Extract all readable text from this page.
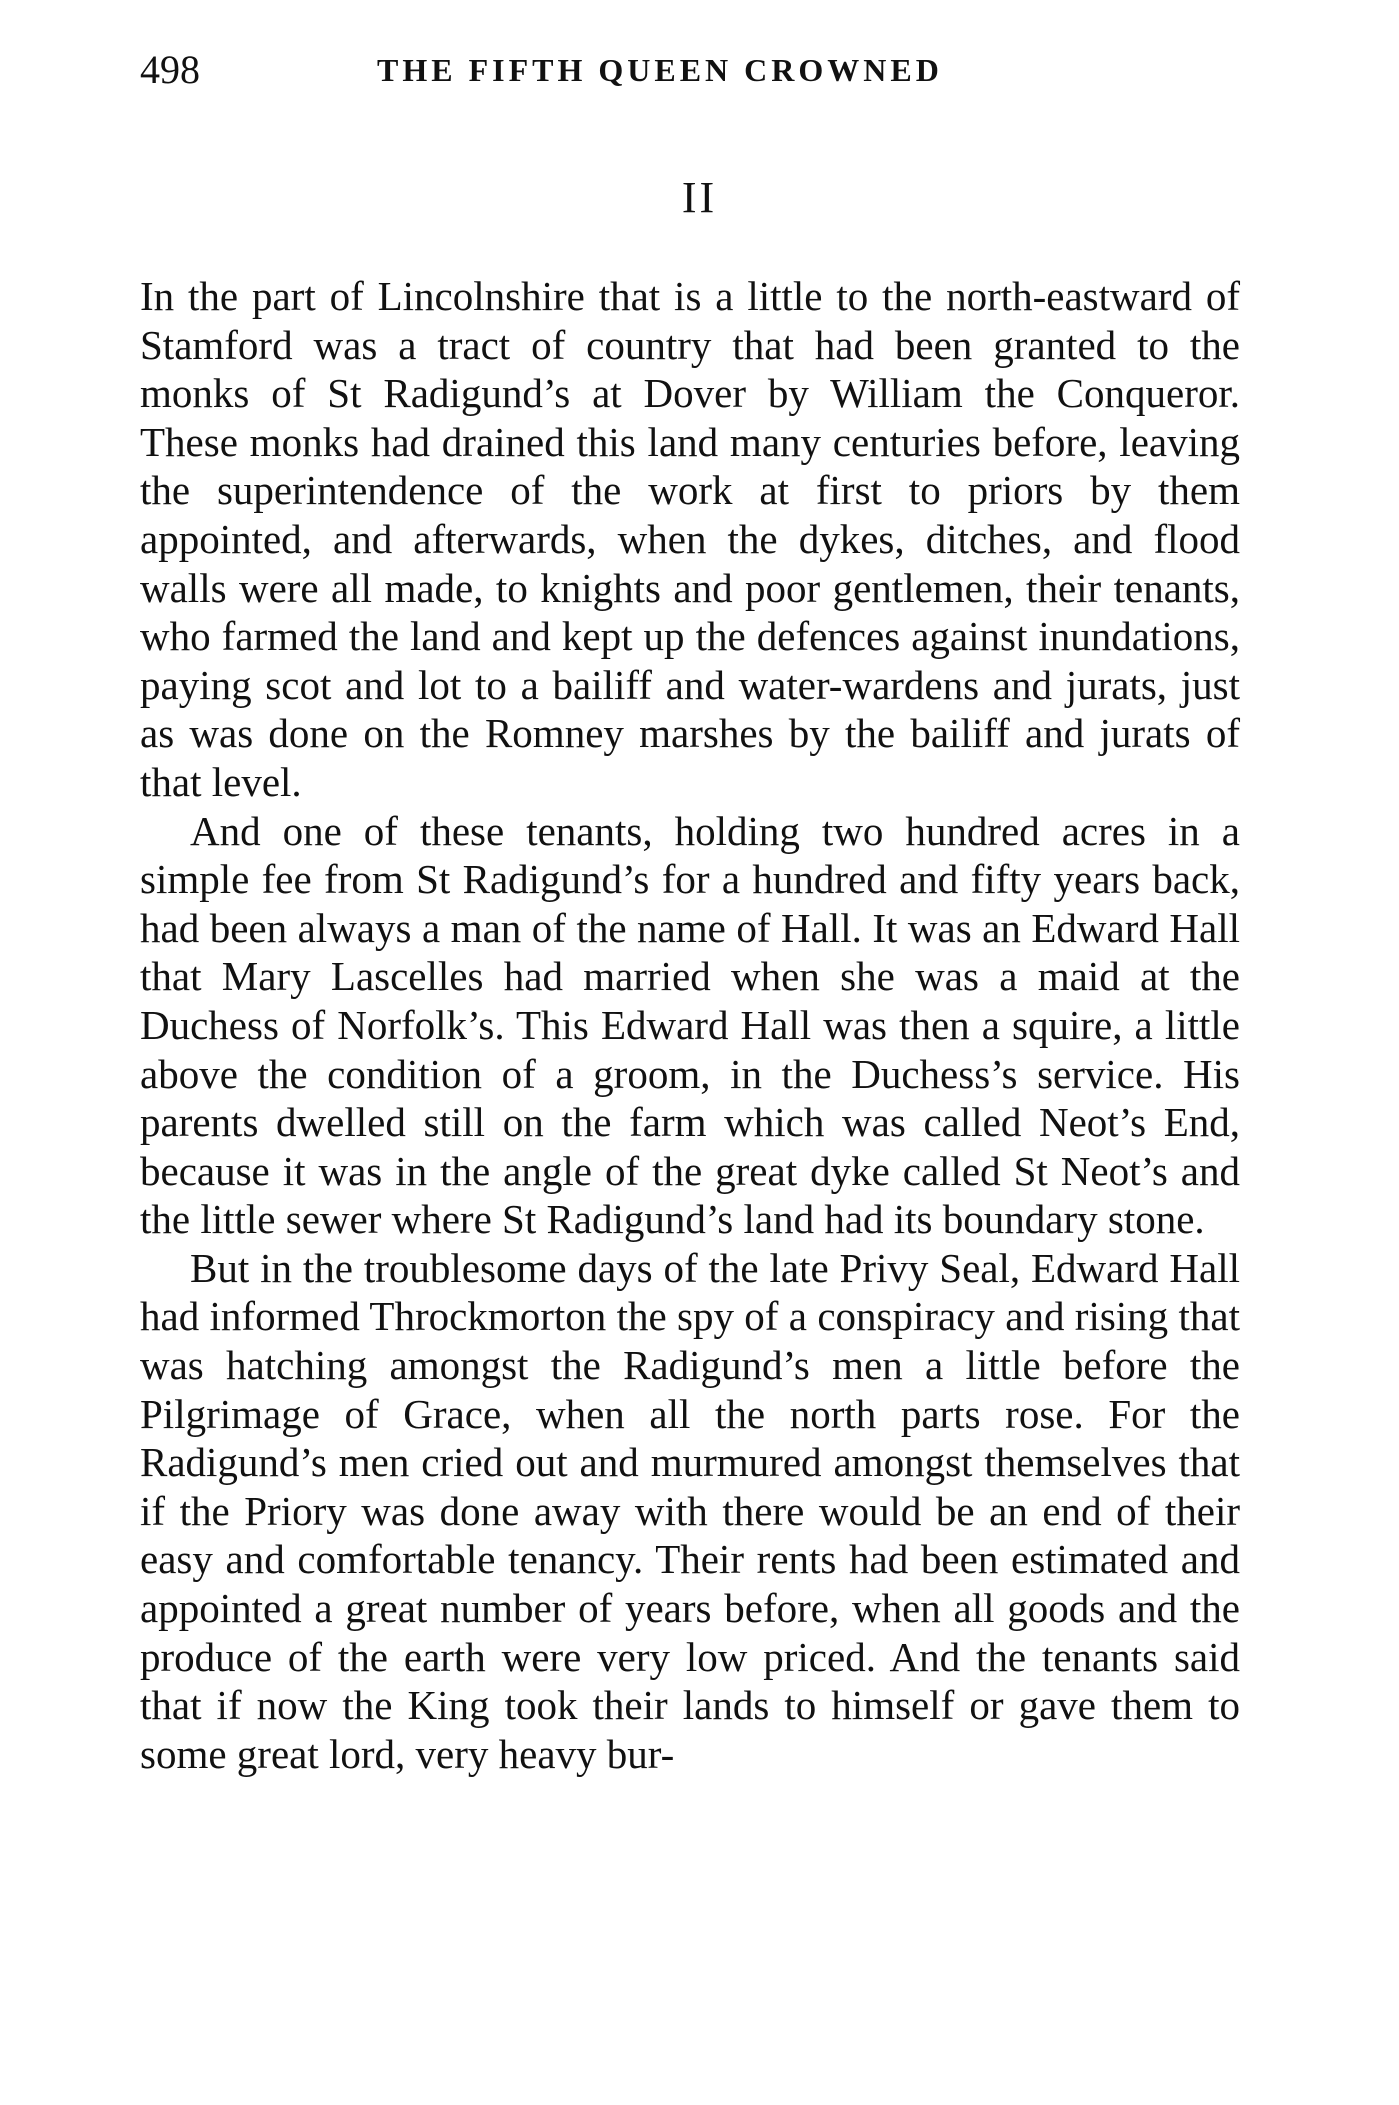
498	THE FIFTH QUEEN CROWNED
II

In the part of Lincolnshire that is a little to the north-eastward of Stamford was a tract of country that had been granted to the monks of St Radigund’s at Dover by William the Conqueror. These monks had drained this land many centuries before, leaving the superintendence of the work at first to priors by them appointed, and afterwards, when the dykes, ditches, and flood walls were all made, to knights and poor gentlemen, their tenants, who farmed the land and kept up the defences against inundations, paying scot and lot to a bailiff and water-wardens and jurats, just as was done on the Romney marshes by the bailiff and jurats of that level.

And one of these tenants, holding two hundred acres in a simple fee from St Radigund’s for a hundred and fifty years back, had been always a man of the name of Hall. It was an Edward Hall that Mary Lascelles had married when she was a maid at the Duchess of Norfolk’s. This Edward Hall was then a squire, a little above the condition of a groom, in the Duchess’s service. His parents dwelled still on the farm which was called Neot’s End, because it was in the angle of the great dyke called St Neot’s and the little sewer where St Radigund’s land had its boundary stone.

But in the troublesome days of the late Privy Seal, Edward Hall had informed Throckmorton the spy of a conspiracy and rising that was hatching amongst the Radigund’s men a little before the Pilgrimage of Grace, when all the north parts rose. For the Radigund’s men cried out and murmured amongst themselves that if the Priory was done away with there would be an end of their easy and comfortable tenancy. Their rents had been estimated and appointed a great number of years before, when all goods and the produce of the earth were very low priced. And the tenants said that if now the King took their lands to himself or gave them to some great lord, very heavy bur-
